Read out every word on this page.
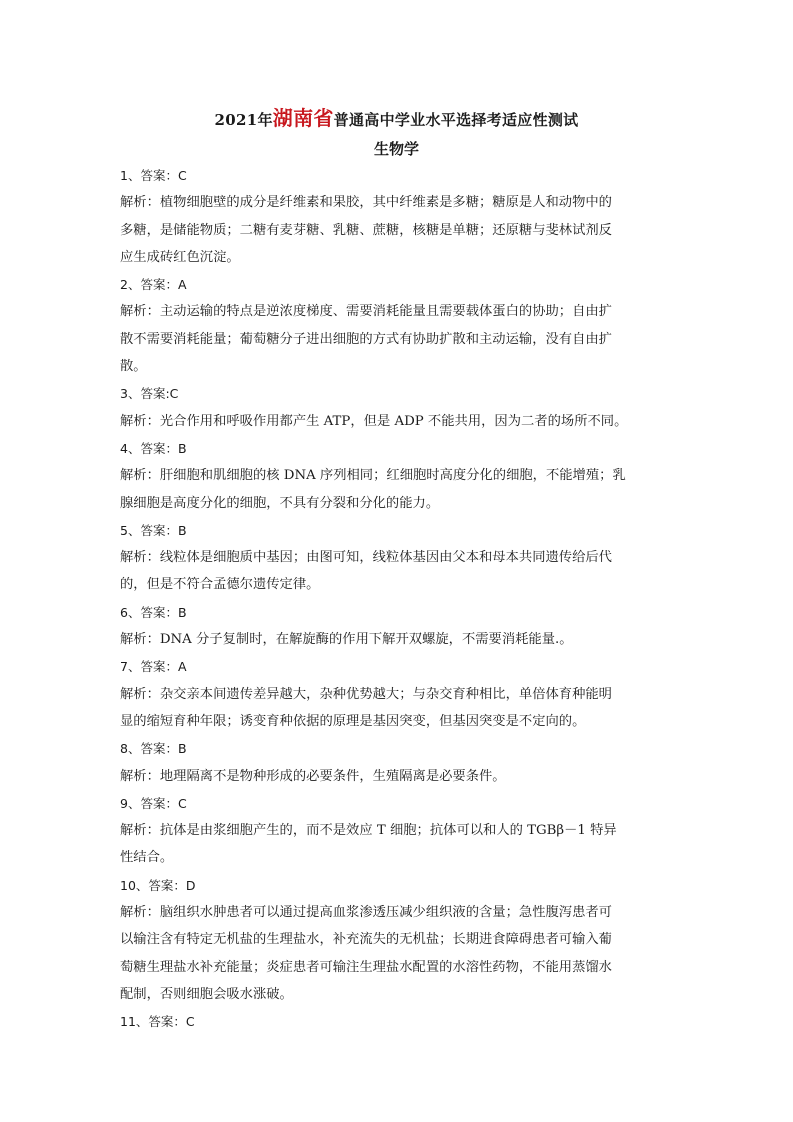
2021年湖南省普通高中学业水平选择考适应性测试
生物学
1、答案：C
解析：植物细胞壁的成分是纤维素和果胶，其中纤维素是多糖；糖原是人和动物中的
多糖，是储能物质；二糖有麦芽糖、乳糖、蔗糖，核糖是单糖；还原糖与斐林试剂反
应生成砖红色沉淀。
2、答案：A
解析：主动运输的特点是逆浓度梯度、需要消耗能量且需要载体蛋白的协助；自由扩
散不需要消耗能量；葡萄糖分子进出细胞的方式有协助扩散和主动运输，没有自由扩
散。
3、答案:C
解析：光合作用和呼吸作用都产生 ATP，但是 ADP 不能共用，因为二者的场所不同。
4、答案：B
解析：肝细胞和肌细胞的核 DNA 序列相同；红细胞时高度分化的细胞，不能增殖；乳
腺细胞是高度分化的细胞，不具有分裂和分化的能力。
5、答案：B
解析：线粒体是细胞质中基因；由图可知，线粒体基因由父本和母本共同遗传给后代
的，但是不符合孟德尔遗传定律。
6、答案：B
解析：DNA 分子复制时，在解旋酶的作用下解开双螺旋，不需要消耗能量.。
7、答案：A
解析：杂交亲本间遗传差异越大，杂种优势越大；与杂交育种相比，单倍体育种能明
显的缩短育种年限；诱变育种依据的原理是基因突变，但基因突变是不定向的。
8、答案：B
解析：地理隔离不是物种形成的必要条件，生殖隔离是必要条件。
9、答案：C
解析：抗体是由浆细胞产生的，而不是效应 T 细胞；抗体可以和人的 TGBβ－1 特异
性结合。
10、答案：D
解析：脑组织水肿患者可以通过提高血浆渗透压减少组织液的含量；急性腹泻患者可
以输注含有特定无机盐的生理盐水，补充流失的无机盐；长期进食障碍患者可输入葡
萄糖生理盐水补充能量；炎症患者可输注生理盐水配置的水溶性药物，不能用蒸馏水
配制，否则细胞会吸水涨破。
11、答案：C
